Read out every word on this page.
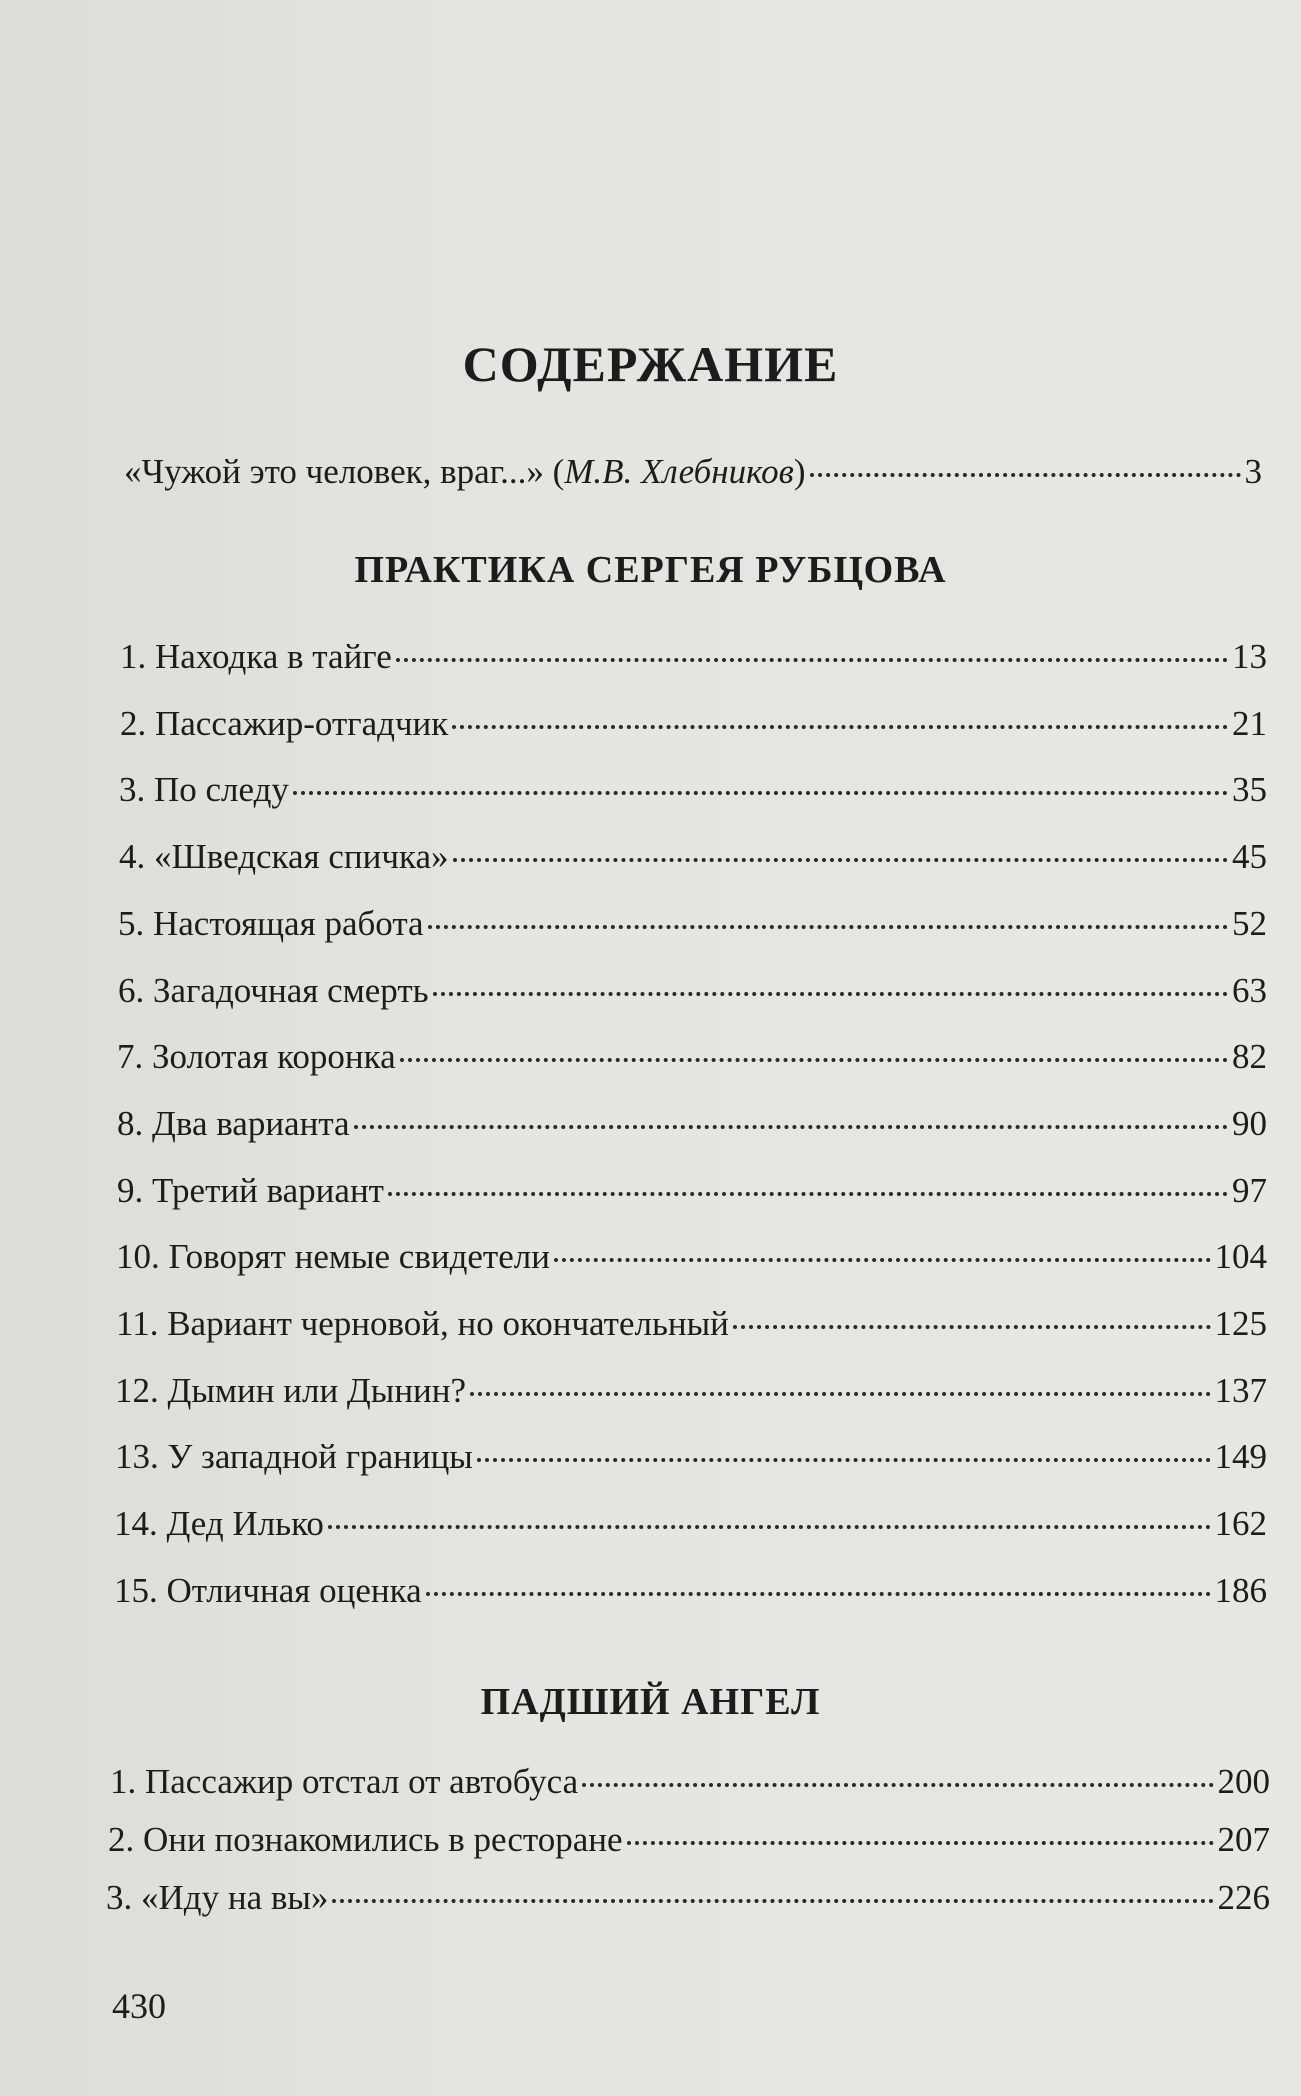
СОДЕРЖАНИЕ
«Чужой это человек, враг...» (М.В. Хлебников)	3
ПРАКТИКА СЕРГЕЯ РУБЦОВА
1. Находка в тайге	13
2. Пассажир-отгадчик	21
3. По следу	35
4. «Шведская спичка»	45
5. Настоящая работа	52
6. Загадочная смерть	63
7. Золотая коронка	82
8. Два варианта	90
9. Третий вариант	97
10. Говорят немые свидетели	104
11. Вариант черновой, но окончательный	125
12. Дымин или Дынин?	137
13. У западной границы	149
14. Дед Илько	162
15. Отличная оценка	186
ПАДШИЙ АНГЕЛ
1. Пассажир отстал от автобуса	200
2. Они познакомились в ресторане	207
3. «Иду на вы»	226
430
